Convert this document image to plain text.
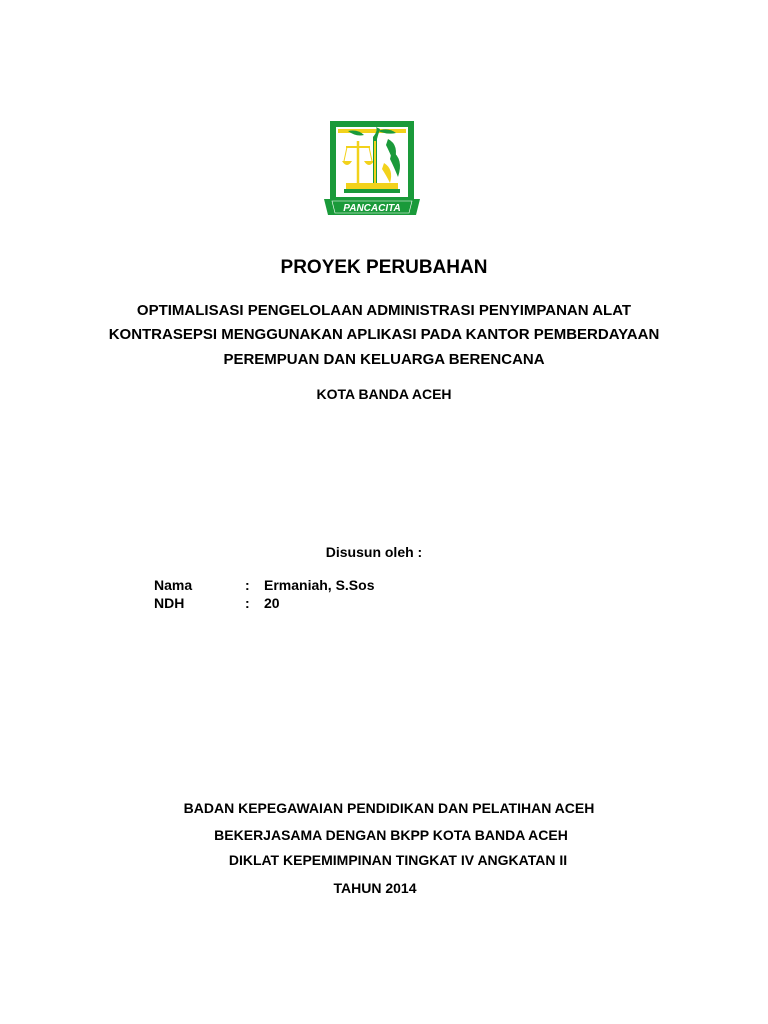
PANCACITA
PROYEK PERUBAHAN
OPTIMALISASI PENGELOLAAN ADMINISTRASI PENYIMPANAN ALAT
KONTRASEPSI MENGGUNAKAN APLIKASI PADA KANTOR PEMBERDAYAAN
PEREMPUAN DAN KELUARGA BERENCANA
KOTA BANDA ACEH
Disusun oleh :
Nama	: Ermaniah, S.Sos
NDH	: 20
BADAN KEPEGAWAIAN PENDIDIKAN DAN PELATIHAN ACEH
BEKERJASAMA DENGAN BKPP KOTA BANDA ACEH
DIKLAT KEPEMIMPINAN TINGKAT IV ANGKATAN II
TAHUN 2014
